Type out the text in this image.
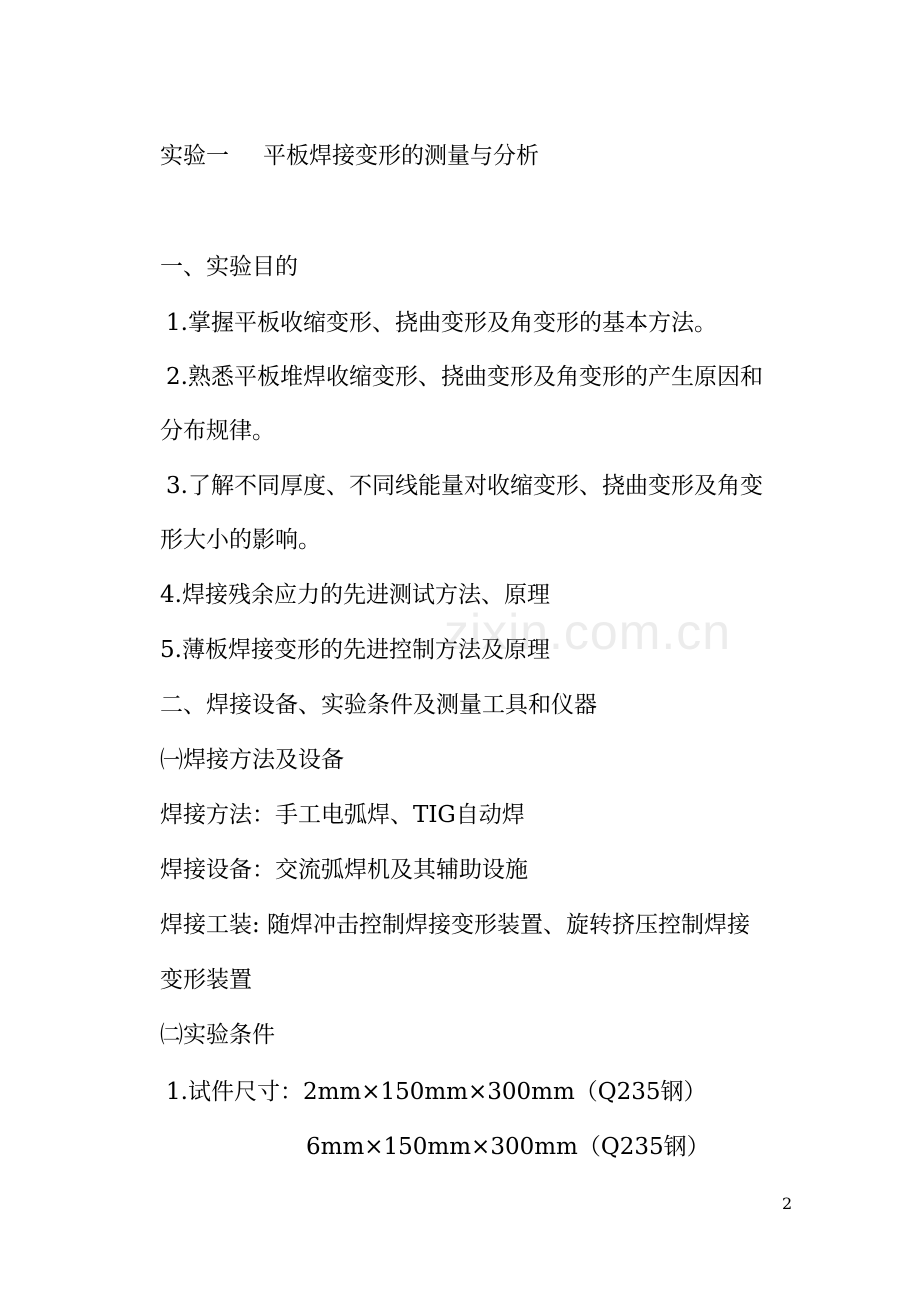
实验一 平板焊接变形的测量与分析
一、实验目的
1.掌握平板收缩变形、挠曲变形及角变形的基本方法。
2.熟悉平板堆焊收缩变形、挠曲变形及角变形的产生原因和
分布规律。
3.了解不同厚度、不同线能量对收缩变形、挠曲变形及角变
形大小的影响。
4.焊接残余应力的先进测试方法、原理
5.薄板焊接变形的先进控制方法及原理
二、焊接设备、实验条件及测量工具和仪器
㈠焊接方法及设备
焊接方法：手工电弧焊、TIG自动焊
焊接设备：交流弧焊机及其辅助设施
焊接工装: 随焊冲击控制焊接变形装置、旋转挤压控制焊接
变形装置
㈡实验条件
1.试件尺寸：2mm×150mm×300mm（Q235钢）
6mm×150mm×300mm（Q235钢）
zixin.com.cn
2
